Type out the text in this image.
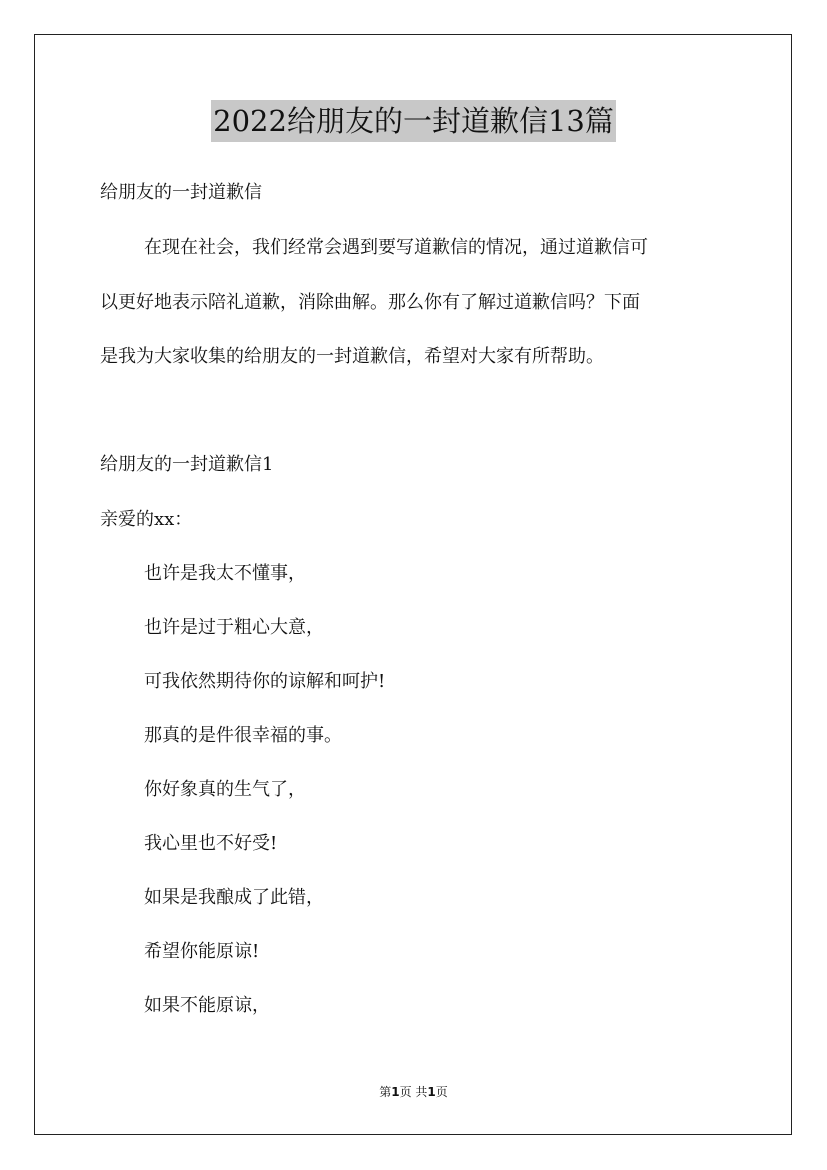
2022给朋友的一封道歉信13篇
给朋友的一封道歉信
在现在社会，我们经常会遇到要写道歉信的情况，通过道歉信可
以更好地表示陪礼道歉，消除曲解。那么你有了解过道歉信吗？下面
是我为大家收集的给朋友的一封道歉信，希望对大家有所帮助。
给朋友的一封道歉信1
亲爱的xx：
也许是我太不懂事，
也许是过于粗心大意，
可我依然期待你的谅解和呵护!
那真的是件很幸福的事。
你好象真的生气了，
我心里也不好受!
如果是我酿成了此错，
希望你能原谅!
如果不能原谅，
第1页 共1页
